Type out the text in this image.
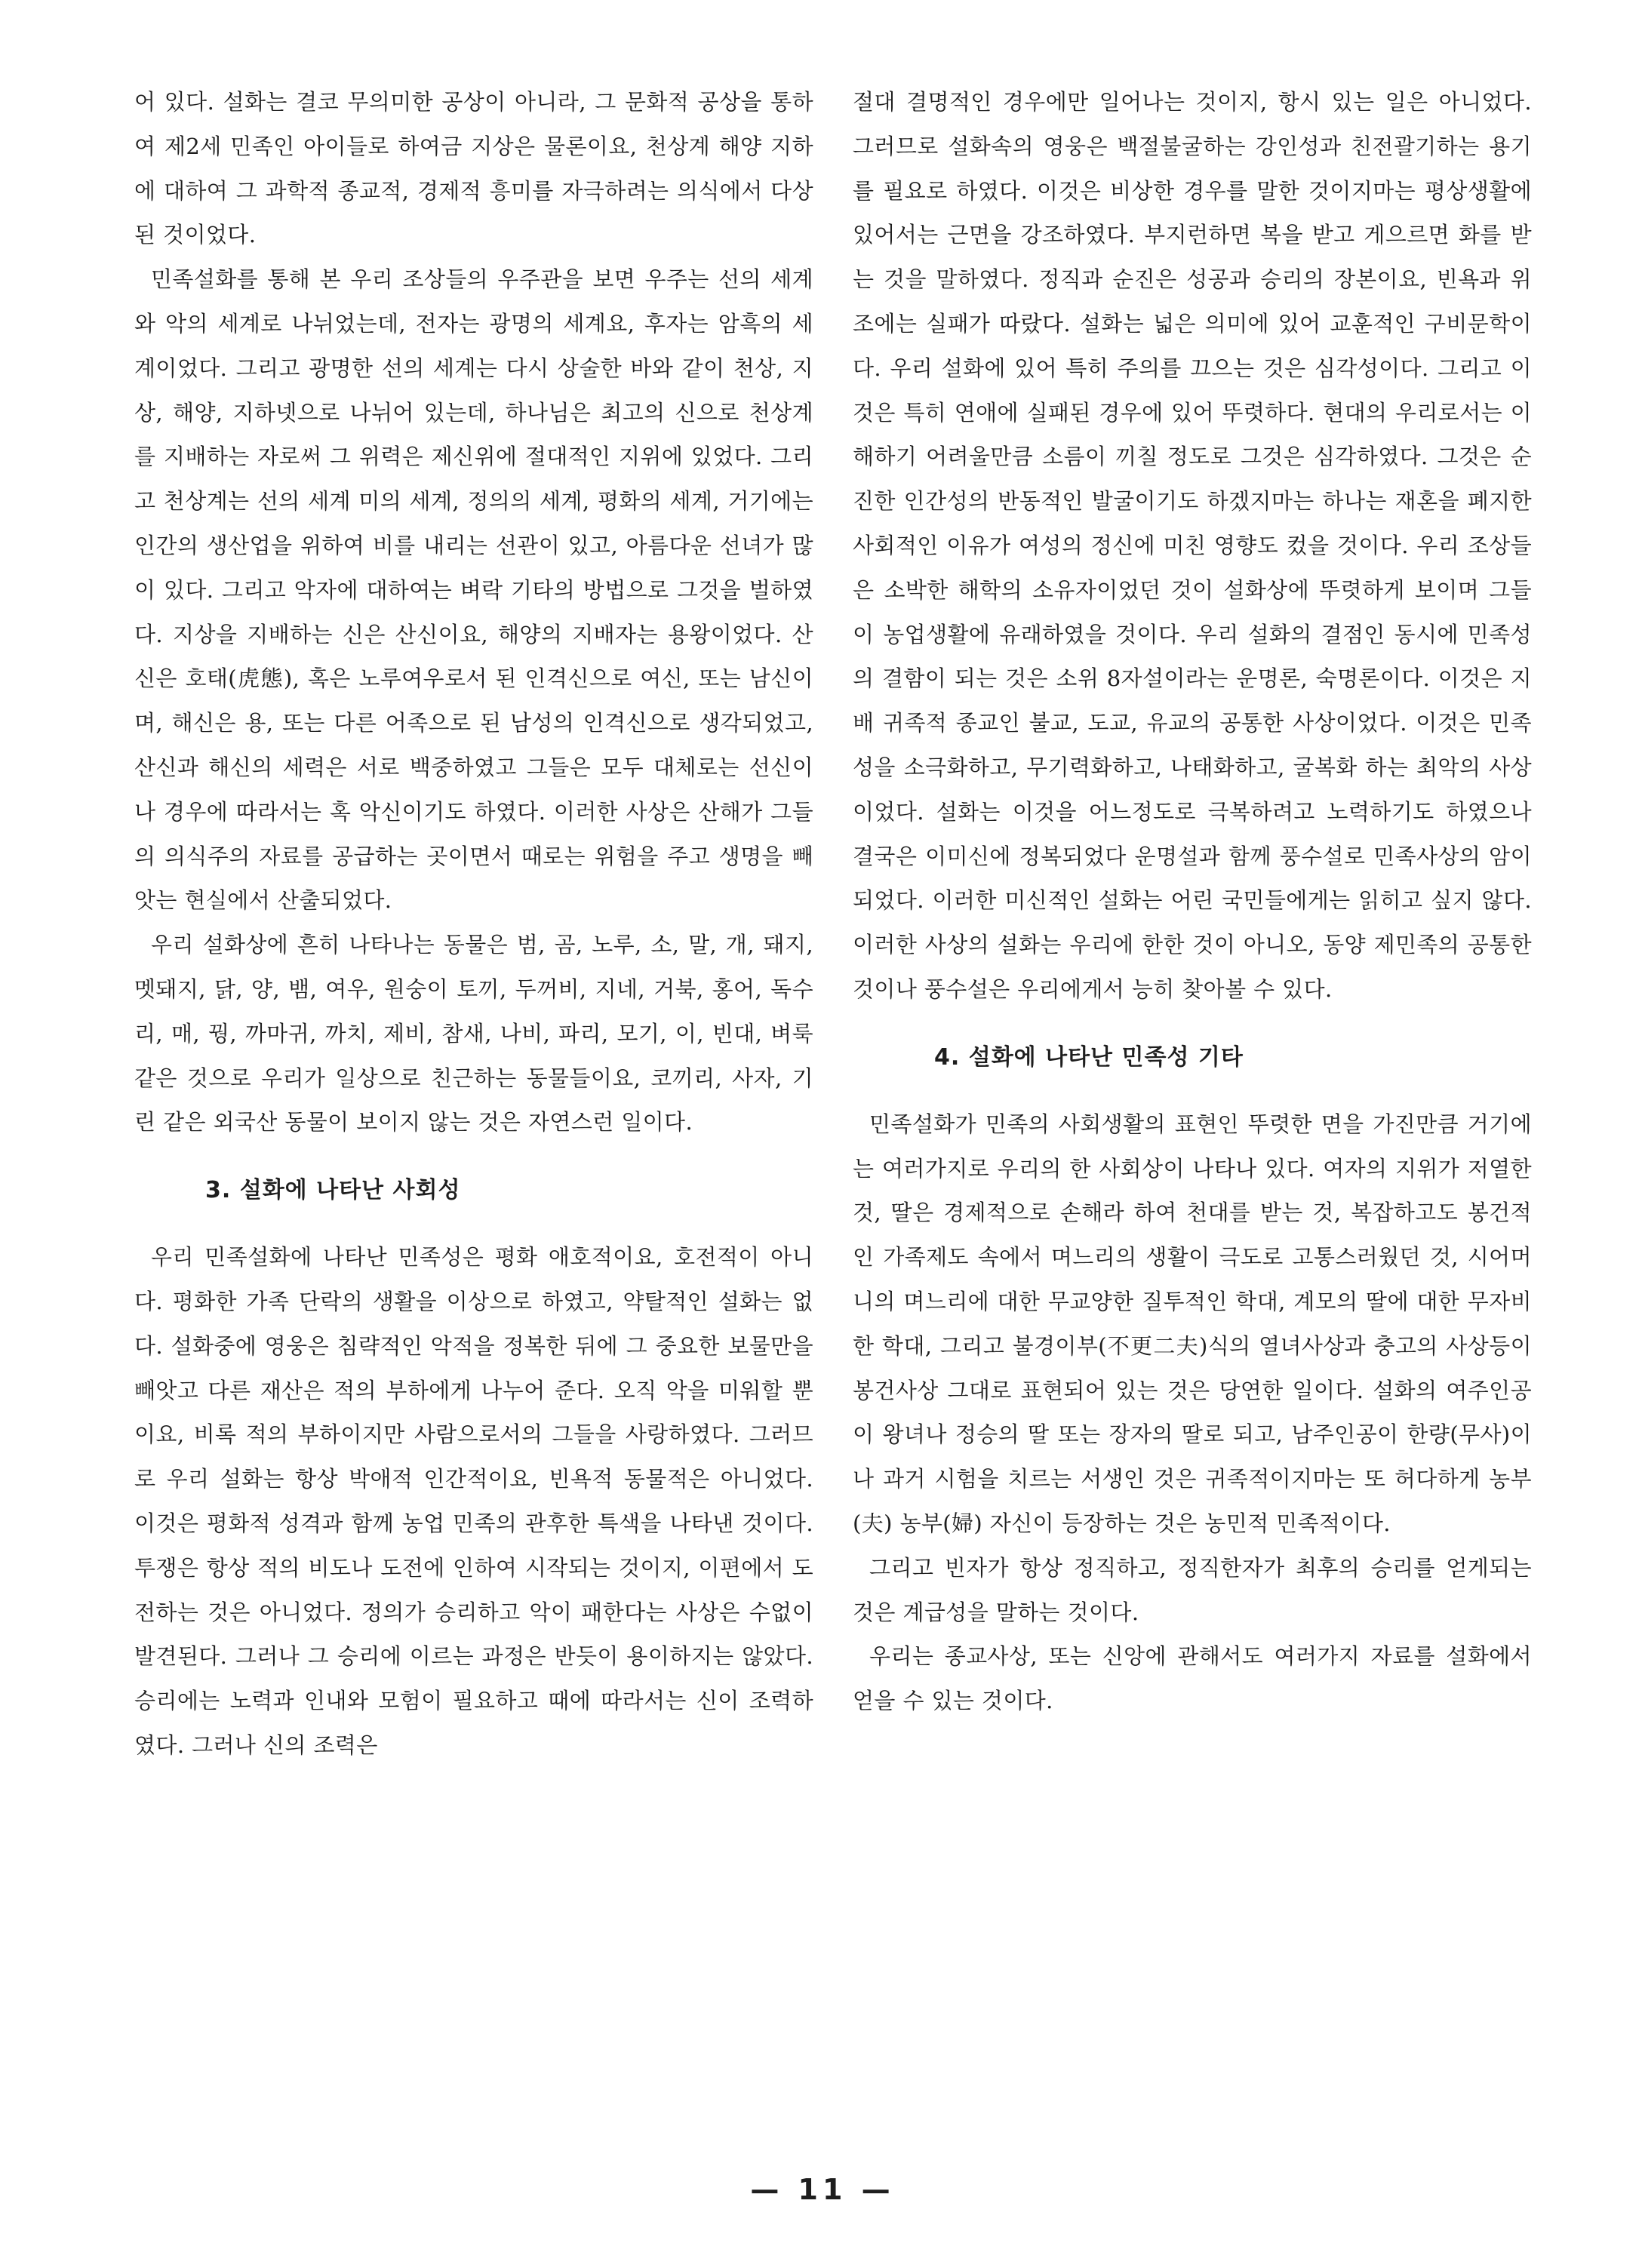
어 있다. 설화는 결코 무의미한 공상이 아니라, 그 문화적 공상을 통하여 제2세 민족인 아이들로 하여금 지상은 물론이요, 천상계 해양 지하에 대하여 그 과학적 종교적, 경제적 흥미를 자극하려는 의식에서 다상된 것이었다.

민족설화를 통해 본 우리 조상들의 우주관을 보면 우주는 선의 세계와 악의 세계로 나뉘었는데, 전자는 광명의 세계요, 후자는 암흑의 세계이었다. 그리고 광명한 선의 세계는 다시 상술한 바와 같이 천상, 지상, 해양, 지하넷으로 나뉘어 있는데, 하나님은 최고의 신으로 천상계를 지배하는 자로써 그 위력은 제신위에 절대적인 지위에 있었다. 그리고 천상계는 선의 세계 미의 세계, 정의의 세계, 평화의 세계, 거기에는 인간의 생산업을 위하여 비를 내리는 선관이 있고, 아름다운 선녀가 많이 있다. 그리고 악자에 대하여는 벼락 기타의 방법으로 그것을 벌하였다. 지상을 지배하는 신은 산신이요, 해양의 지배자는 용왕이었다. 산신은 호태(虎態), 혹은 노루여우로서 된 인격신으로 여신, 또는 남신이며, 해신은 용, 또는 다른 어족으로 된 남성의 인격신으로 생각되었고, 산신과 해신의 세력은 서로 백중하였고 그들은 모두 대체로는 선신이나 경우에 따라서는 혹 악신이기도 하였다. 이러한 사상은 산해가 그들의 의식주의 자료를 공급하는 곳이면서 때로는 위험을 주고 생명을 빼앗는 현실에서 산출되었다.

우리 설화상에 흔히 나타나는 동물은 범, 곰, 노루, 소, 말, 개, 돼지, 멧돼지, 닭, 양, 뱀, 여우, 원숭이 토끼, 두꺼비, 지네, 거북, 홍어, 독수리, 매, 꿩, 까마귀, 까치, 제비, 참새, 나비, 파리, 모기, 이, 빈대, 벼룩 같은 것으로 우리가 일상으로 친근하는 동물들이요, 코끼리, 사자, 기린 같은 외국산 동물이 보이지 않는 것은 자연스런 일이다.

3. 설화에 나타난 사회성

우리 민족설화에 나타난 민족성은 평화 애호적이요, 호전적이 아니다. 평화한 가족 단락의 생활을 이상으로 하였고, 약탈적인 설화는 없다. 설화중에 영웅은 침략적인 악적을 정복한 뒤에 그 중요한 보물만을 빼앗고 다른 재산은 적의 부하에게 나누어 준다. 오직 악을 미워할 뿐이요, 비록 적의 부하이지만 사람으로서의 그들을 사랑하였다. 그러므로 우리 설화는 항상 박애적 인간적이요, 빈욕적 동물적은 아니었다. 이것은 평화적 성격과 함께 농업 민족의 관후한 특색을 나타낸 것이다. 투쟁은 항상 적의 비도나 도전에 인하여 시작되는 것이지, 이편에서 도전하는 것은 아니었다. 정의가 승리하고 악이 패한다는 사상은 수없이 발견된다. 그러나 그 승리에 이르는 과정은 반듯이 용이하지는 않았다. 승리에는 노력과 인내와 모험이 필요하고 때에 따라서는 신이 조력하였다. 그러나 신의 조력은

절대 결명적인 경우에만 일어나는 것이지, 항시 있는 일은 아니었다. 그러므로 설화속의 영웅은 백절불굴하는 강인성과 친전괄기하는 용기를 필요로 하였다. 이것은 비상한 경우를 말한 것이지마는 평상생활에 있어서는 근면을 강조하였다. 부지런하면 복을 받고 게으르면 화를 받는 것을 말하였다. 정직과 순진은 성공과 승리의 장본이요, 빈욕과 위조에는 실패가 따랐다. 설화는 넓은 의미에 있어 교훈적인 구비문학이다. 우리 설화에 있어 특히 주의를 끄으는 것은 심각성이다. 그리고 이것은 특히 연애에 실패된 경우에 있어 뚜렷하다. 현대의 우리로서는 이해하기 어려울만큼 소름이 끼칠 정도로 그것은 심각하였다. 그것은 순진한 인간성의 반동적인 발굴이기도 하겠지마는 하나는 재혼을 폐지한 사회적인 이유가 여성의 정신에 미친 영향도 컸을 것이다. 우리 조상들은 소박한 해학의 소유자이었던 것이 설화상에 뚜렷하게 보이며 그들이 농업생활에 유래하였을 것이다. 우리 설화의 결점인 동시에 민족성의 결함이 되는 것은 소위 8자설이라는 운명론, 숙명론이다. 이것은 지배 귀족적 종교인 불교, 도교, 유교의 공통한 사상이었다. 이것은 민족성을 소극화하고, 무기력화하고, 나태화하고, 굴복화 하는 최악의 사상이었다. 설화는 이것을 어느정도로 극복하려고 노력하기도 하였으나 결국은 이미신에 정복되었다 운명설과 함께 풍수설로 민족사상의 암이 되었다. 이러한 미신적인 설화는 어린 국민들에게는 읽히고 싶지 않다. 이러한 사상의 설화는 우리에 한한 것이 아니오, 동양 제민족의 공통한 것이나 풍수설은 우리에게서 능히 찾아볼 수 있다.

4. 설화에 나타난 민족성 기타

민족설화가 민족의 사회생활의 표현인 뚜렷한 면을 가진만큼 거기에는 여러가지로 우리의 한 사회상이 나타나 있다. 여자의 지위가 저열한 것, 딸은 경제적으로 손해라 하여 천대를 받는 것, 복잡하고도 봉건적인 가족제도 속에서 며느리의 생활이 극도로 고통스러웠던 것, 시어머니의 며느리에 대한 무교양한 질투적인 학대, 계모의 딸에 대한 무자비한 학대, 그리고 불경이부(不更二夫)식의 열녀사상과 충고의 사상등이 봉건사상 그대로 표현되어 있는 것은 당연한 일이다. 설화의 여주인공이 왕녀나 정승의 딸 또는 장자의 딸로 되고, 남주인공이 한량(무사)이나 과거 시험을 치르는 서생인 것은 귀족적이지마는 또 허다하게 농부(夫) 농부(婦) 자신이 등장하는 것은 농민적 민족적이다.

그리고 빈자가 항상 정직하고, 정직한자가 최후의 승리를 얻게되는 것은 계급성을 말하는 것이다.

우리는 종교사상, 또는 신앙에 관해서도 여러가지 자료를 설화에서 얻을 수 있는 것이다.

— 11 —
